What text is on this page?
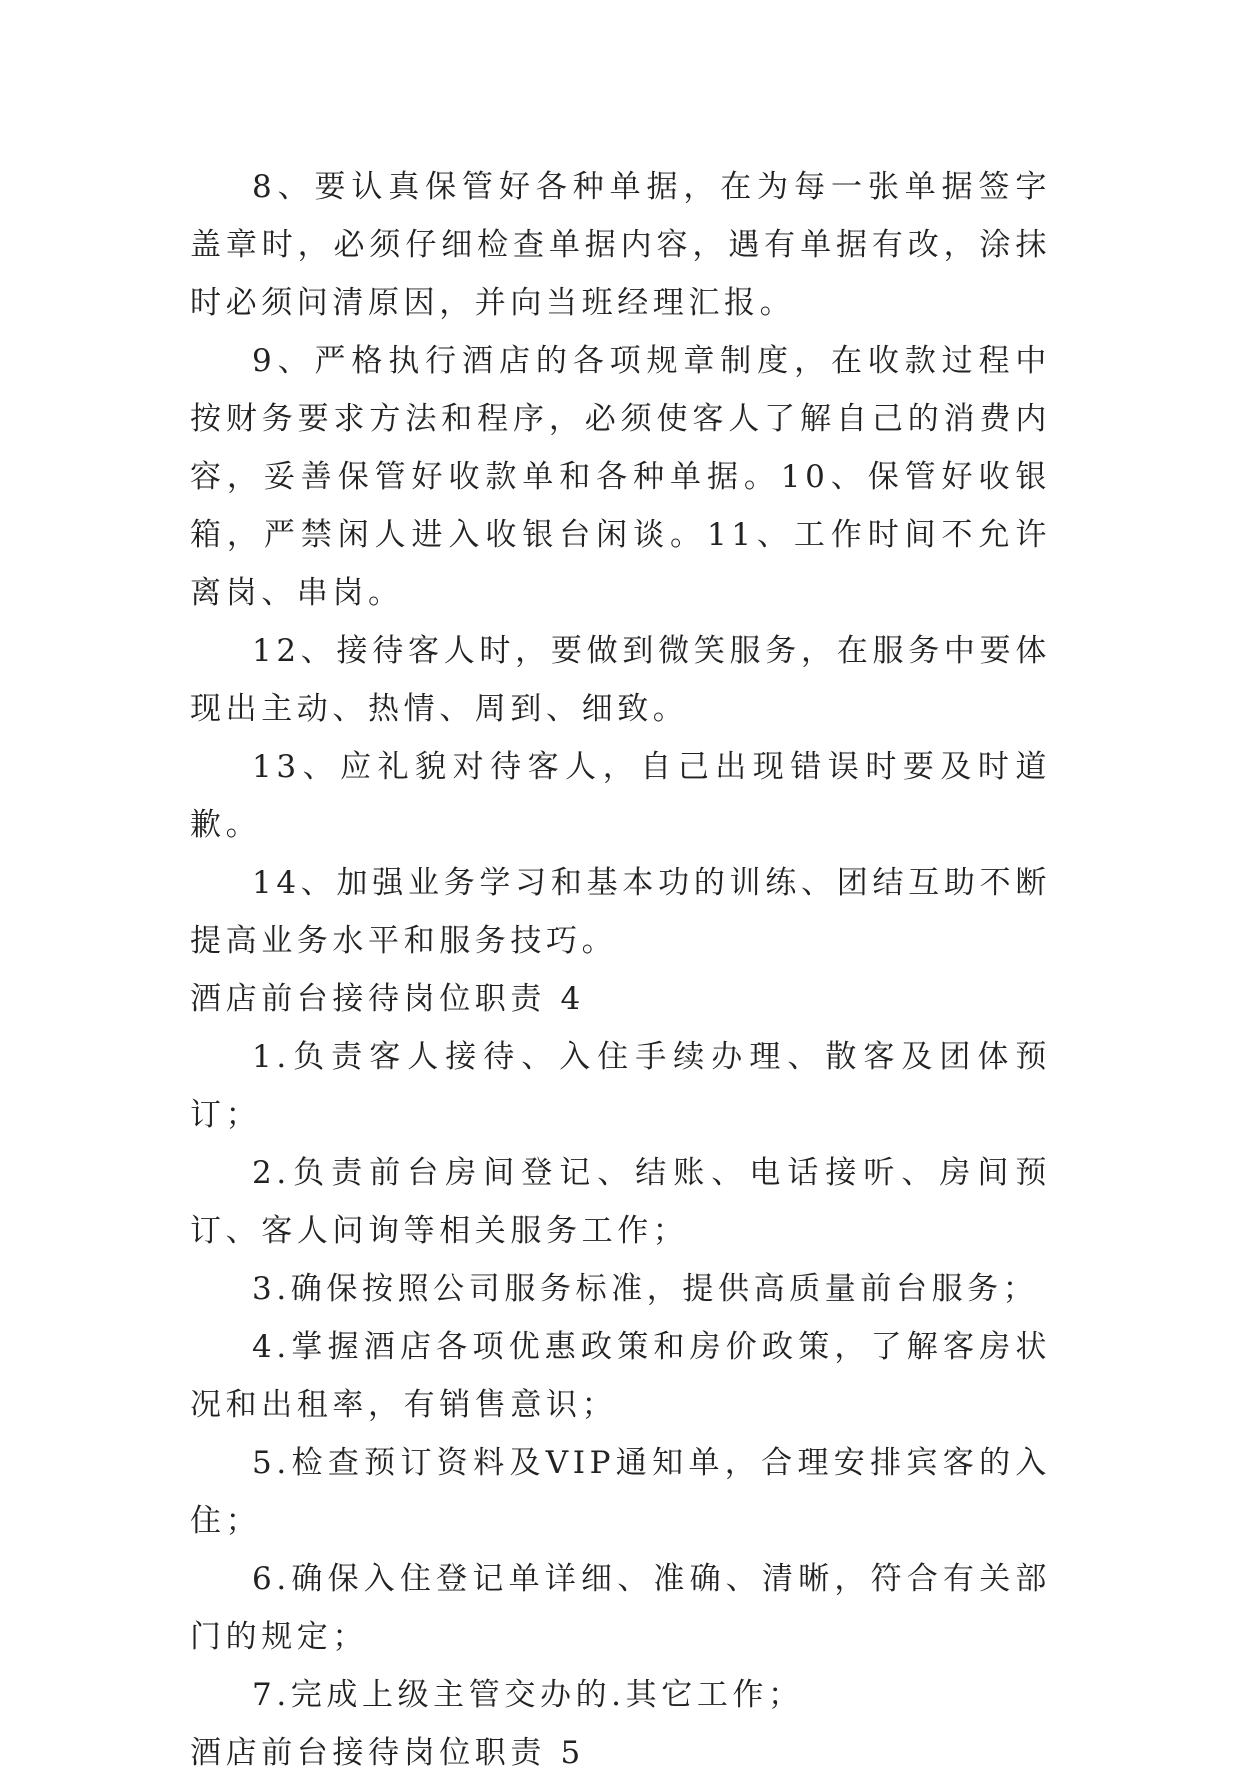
8、要认真保管好各种单据，在为每一张单据签字盖章时，必须仔细检查单据内容，遇有单据有改，涂抹时必须问清原因，并向当班经理汇报。

9、严格执行酒店的各项规章制度，在收款过程中按财务要求方法和程序，必须使客人了解自己的消费内容，妥善保管好收款单和各种单据。10、保管好收银箱，严禁闲人进入收银台闲谈。11、工作时间不允许离岗、串岗。

12、接待客人时，要做到微笑服务，在服务中要体现出主动、热情、周到、细致。

13、应礼貌对待客人，自己出现错误时要及时道歉。

14、加强业务学习和基本功的训练、团结互助不断提高业务水平和服务技巧。

酒店前台接待岗位职责 4

1.负责客人接待、入住手续办理、散客及团体预订；

2.负责前台房间登记、结账、电话接听、房间预订、客人问询等相关服务工作；

3.确保按照公司服务标准，提供高质量前台服务；

4.掌握酒店各项优惠政策和房价政策，了解客房状况和出租率，有销售意识；

5.检查预订资料及VIP通知单，合理安排宾客的入住；

6.确保入住登记单详细、准确、清晰，符合有关部门的规定；

7.完成上级主管交办的.其它工作；

酒店前台接待岗位职责 5
